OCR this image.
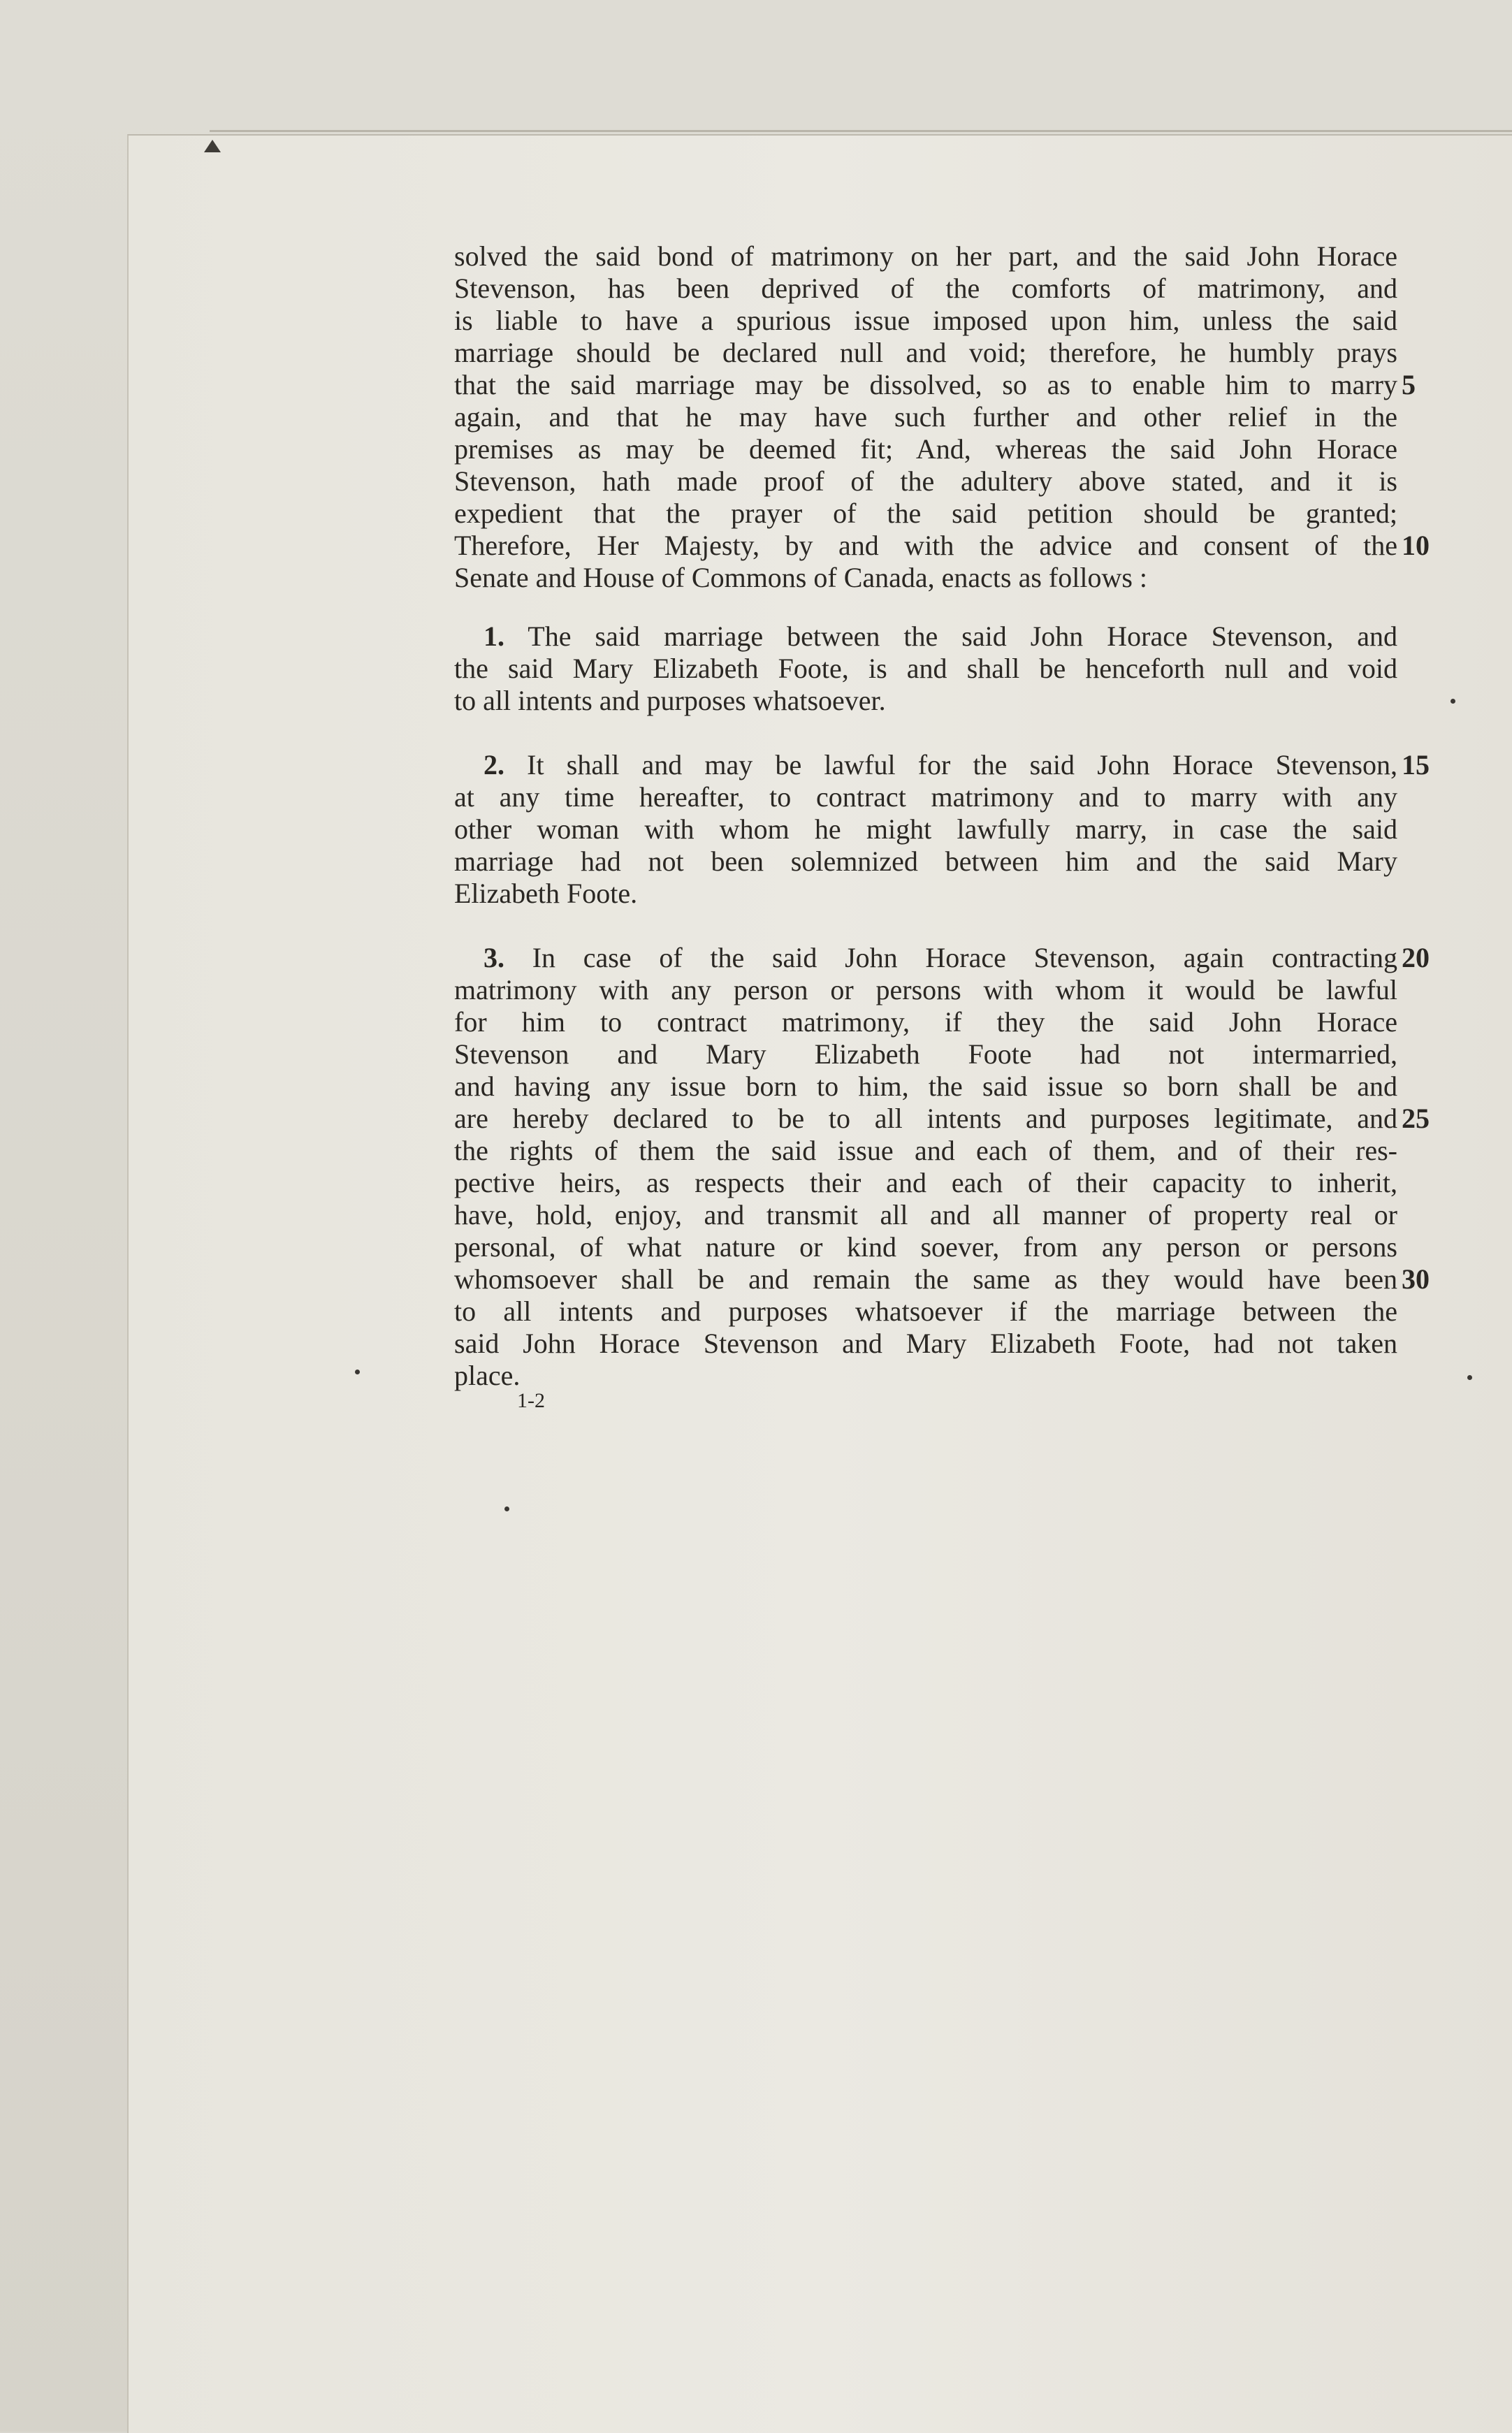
solved the said bond of matrimony on her part, and the said John Horace
Stevenson, has been deprived of the comforts of matrimony, and
is liable to have a spurious issue imposed upon him, unless the said
marriage should be declared null and void; therefore, he humbly prays
that the said marriage may be dissolved, so as to enable him to marry
again, and that he may have such further and other relief in the
premises as may be deemed fit; And, whereas the said John Horace
Stevenson, hath made proof of the adultery above stated, and it is
expedient that the prayer of the said petition should be granted;
Therefore, Her Majesty, by and with the advice and consent of the
Senate and House of Commons of Canada, enacts as follows :
1. The said marriage between the said John Horace Stevenson, and
the said Mary Elizabeth Foote, is and shall be henceforth null and void
to all intents and purposes whatsoever.
2. It shall and may be lawful for the said John Horace Stevenson,
at any time hereafter, to contract matrimony and to marry with any
other woman with whom he might lawfully marry, in case the said
marriage had not been solemnized between him and the said Mary
Elizabeth Foote.
3. In case of the said John Horace Stevenson, again contracting
matrimony with any person or persons with whom it would be lawful
for him to contract matrimony, if they the said John Horace
Stevenson and Mary Elizabeth Foote had not intermarried,
and having any issue born to him, the said issue so born shall be and
are hereby declared to be to all intents and purposes legitimate, and
the rights of them the said issue and each of them, and of their res-
pective heirs, as respects their and each of their capacity to inherit,
have, hold, enjoy, and transmit all and all manner of property real or
personal, of what nature or kind soever, from any person or persons
whomsoever shall be and remain the same as they would have been
to all intents and purposes whatsoever if the marriage between the
said John Horace Stevenson and Mary Elizabeth Foote, had not taken
place.
5
10
15
20
25
30
1-2
